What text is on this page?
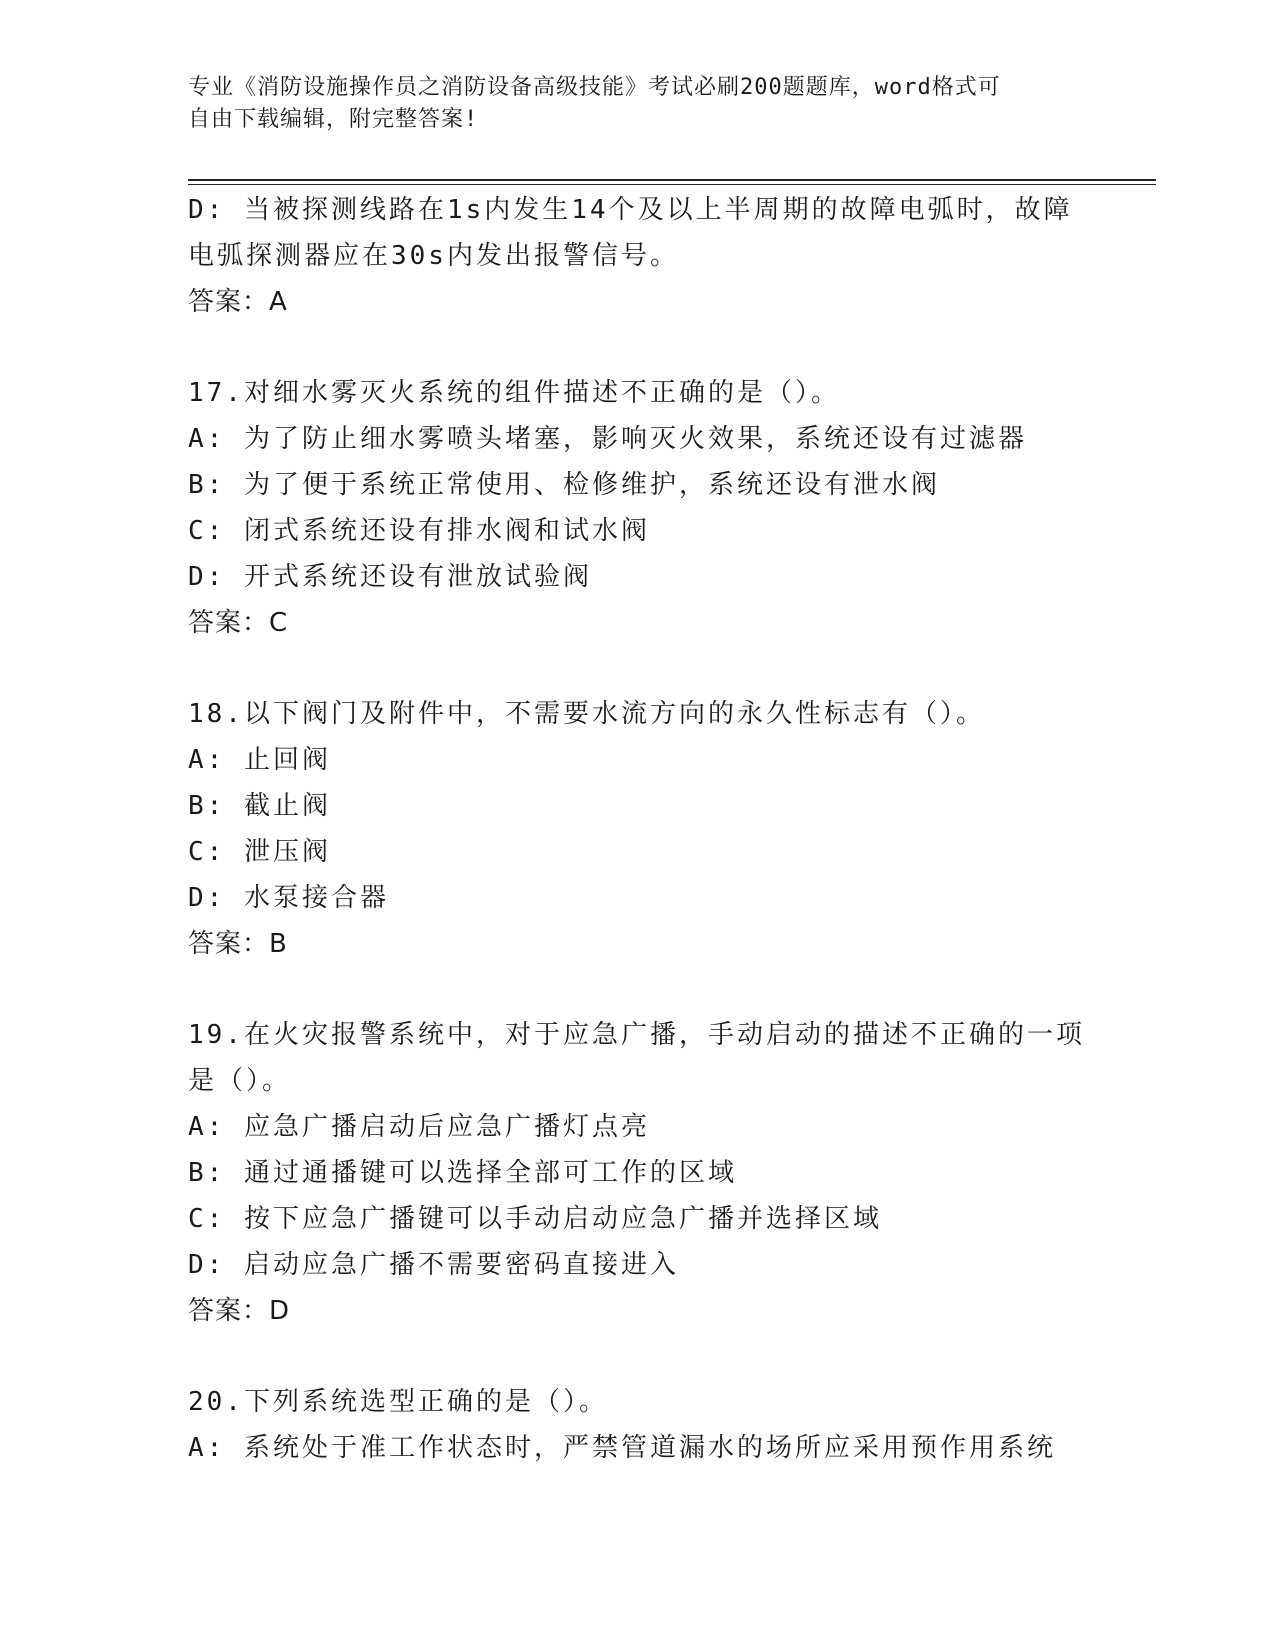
专业《消防设施操作员之消防设备高级技能》考试必刷200题题库，word格式可
自由下载编辑，附完整答案!

D: 当被探测线路在1s内发生14个及以上半周期的故障电弧时，故障

电弧探测器应在30s内发出报警信号。

答案：A

17.对细水雾灭火系统的组件描述不正确的是（）。

A: 为了防止细水雾喷头堵塞，影响灭火效果，系统还设有过滤器

B: 为了便于系统正常使用、检修维护，系统还设有泄水阀

C: 闭式系统还设有排水阀和试水阀

D: 开式系统还设有泄放试验阀

答案：C

18.以下阀门及附件中，不需要水流方向的永久性标志有（）。

A: 止回阀

B: 截止阀

C: 泄压阀

D: 水泵接合器

答案：B

19.在火灾报警系统中，对于应急广播，手动启动的描述不正确的一项

是（）。

A: 应急广播启动后应急广播灯点亮

B: 通过通播键可以选择全部可工作的区域

C: 按下应急广播键可以手动启动应急广播并选择区域

D: 启动应急广播不需要密码直接进入

答案：D

20.下列系统选型正确的是（）。

A: 系统处于准工作状态时，严禁管道漏水的场所应采用预作用系统
